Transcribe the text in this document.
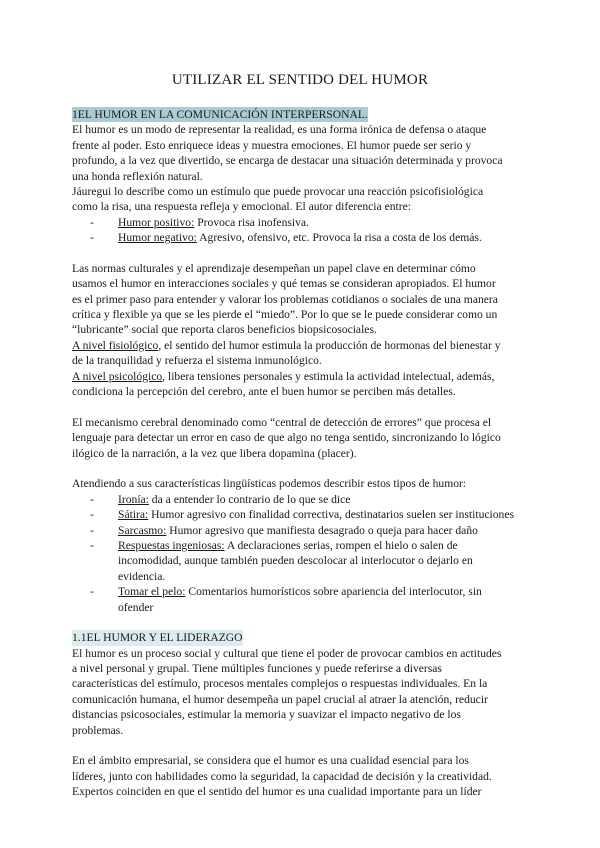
UTILIZAR EL SENTIDO DEL HUMOR
1EL HUMOR EN LA COMUNICACIÓN INTERPERSONAL.
El humor es un modo de representar la realidad, es una forma irónica de defensa o ataque
frente al poder. Esto enriquece ideas y muestra emociones. El humor puede ser serio y
profundo, a la vez que divertido, se encarga de destacar una situación determinada y provoca
una honda reflexión natural.
Jáuregui lo describe como un estímulo que puede provocar una reacción psicofisiológica
como la risa, una respuesta refleja y emocional. El autor diferencia entre:
- Humor positivo: Provoca risa inofensiva.
- Humor negativo: Agresivo, ofensivo, etc. Provoca la risa a costa de los demás.
Las normas culturales y el aprendizaje desempeñan un papel clave en determinar cómo
usamos el humor en interacciones sociales y qué temas se consideran apropiados. El humor
es el primer paso para entender y valorar los problemas cotidianos o sociales de una manera
crítica y flexible ya que se les pierde el “miedo”. Por lo que se le puede considerar como un
“lubricante” social que reporta claros beneficios biopsicosociales.
A nivel fisiológico, el sentido del humor estimula la producción de hormonas del bienestar y
de la tranquilidad y refuerza el sistema inmunológico.
A nivel psicológico, libera tensiones personales y estimula la actividad intelectual, además,
condiciona la percepción del cerebro, ante el buen humor se perciben más detalles.
El mecanismo cerebral denominado como “central de detección de errores” que procesa el
lenguaje para detectar un error en caso de que algo no tenga sentido, sincronizando lo lógico
ilógico de la narración, a la vez que libera dopamina (placer).
Atendiendo a sus características lingüísticas podemos describir estos tipos de humor:
- Ironía: da a entender lo contrario de lo que se dice
- Sátira: Humor agresivo con finalidad correctiva, destinatarios suelen ser instituciones
- Sarcasmo: Humor agresivo que manifiesta desagrado o queja para hacer daño
- Respuestas ingeniosas: A declaraciones serias, rompen el hielo o salen de
incomodidad, aunque también pueden descolocar al interlocutor o dejarlo en
evidencia.
- Tomar el pelo: Comentarios humorísticos sobre apariencia del interlocutor, sin
ofender
1.1EL HUMOR Y EL LIDERAZGO
El humor es un proceso social y cultural que tiene el poder de provocar cambios en actitudes
a nivel personal y grupal. Tiene múltiples funciones y puede referirse a diversas
características del estímulo, procesos mentales complejos o respuestas individuales. En la
comunicación humana, el humor desempeña un papel crucial al atraer la atención, reducir
distancias psicosociales, estimular la memoria y suavizar el impacto negativo de los
problemas.
En el ámbito empresarial, se considera que el humor es una cualidad esencial para los
líderes, junto con habilidades como la seguridad, la capacidad de decisión y la creatividad.
Expertos coinciden en que el sentido del humor es una cualidad importante para un líder
